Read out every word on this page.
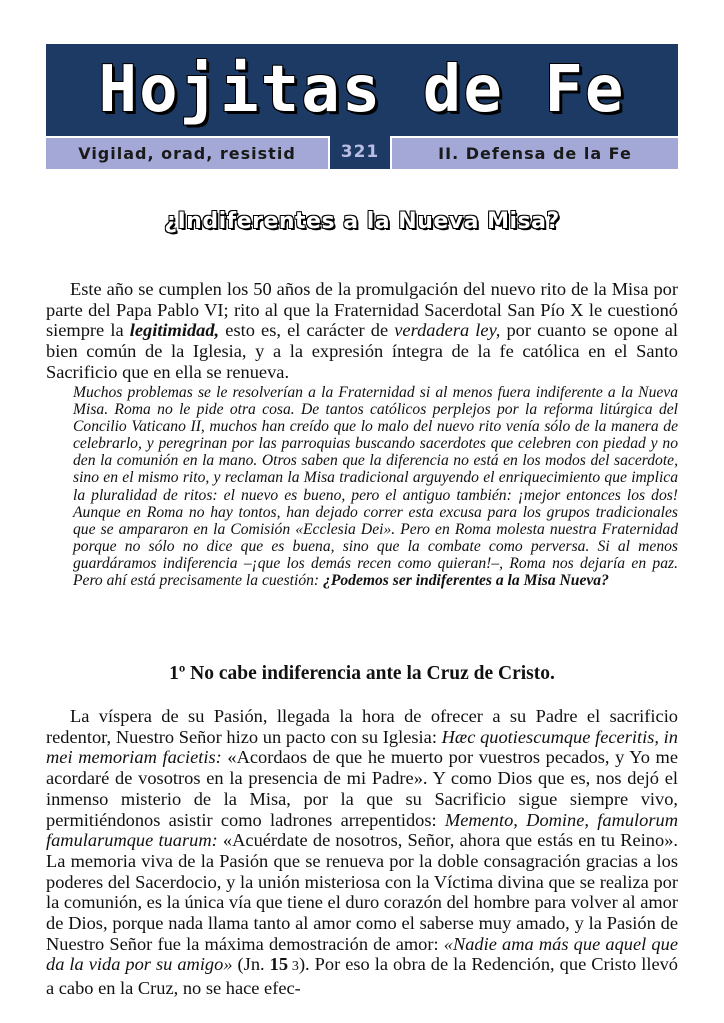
Hojitas de Fe
Vigilad, orad, resistid	321	II. Defensa de la Fe
¿Indiferentes a la Nueva Misa?

Este año se cumplen los 50 años de la promulgación del nuevo rito de la Misa por parte del Papa Pablo VI; rito al que la Fraternidad Sacerdotal San Pío X le cuestionó siempre la legitimidad, esto es, el carácter de verdadera ley, por cuanto se opone al bien común de la Iglesia, y a la expresión íntegra de la fe católica en el Santo Sacrificio que en ella se renueva.

Muchos problemas se le resolverían a la Fraternidad si al menos fuera indiferente a la Nueva Misa. Roma no le pide otra cosa. De tantos católicos perplejos por la reforma litúrgica del Concilio Vaticano II, muchos han creído que lo malo del nuevo rito venía sólo de la manera de celebrarlo, y peregrinan por las parroquias buscando sacerdotes que celebren con piedad y no den la comunión en la mano. Otros saben que la diferencia no está en los modos del sacerdote, sino en el mismo rito, y reclaman la Misa tradicional arguyendo el enriquecimiento que implica la pluralidad de ritos: el nuevo es bueno, pero el antiguo también: ¡mejor entonces los dos! Aunque en Roma no hay tontos, han dejado correr esta excusa para los grupos tradicionales que se ampararon en la Comisión «Ecclesia Dei». Pero en Roma molesta nuestra Fraternidad porque no sólo no dice que es buena, sino que la combate como perversa. Si al menos guardáramos indiferencia –¡que los demás recen como quieran!–, Roma nos dejaría en paz. Pero ahí está precisamente la cuestión: ¿Podemos ser indiferentes a la Misa Nueva?

1º No cabe indiferencia ante la Cruz de Cristo.

La víspera de su Pasión, llegada la hora de ofrecer a su Padre el sacrificio redentor, Nuestro Señor hizo un pacto con su Iglesia: Hæc quotiescumque feceritis, in mei memoriam facietis: «Acordaos de que he muerto por vuestros pecados, y Yo me acordaré de vosotros en la presencia de mi Padre». Y como Dios que es, nos dejó el inmenso misterio de la Misa, por la que su Sacrificio sigue siempre vivo, permitiéndonos asistir como ladrones arrepentidos: Memento, Domine, famulorum famularumque tuarum: «Acuérdate de nosotros, Señor, ahora que estás en tu Reino». La memoria viva de la Pasión que se renueva por la doble consagración gracias a los poderes del Sacerdocio, y la unión misteriosa con la Víctima divina que se realiza por la comunión, es la única vía que tiene el duro corazón del hombre para volver al amor de Dios, porque nada llama tanto al amor como el saberse muy amado, y la Pasión de Nuestro Señor fue la máxima demostración de amor: «Nadie ama más que aquel que da la vida por su amigo» (Jn. 15 3). Por eso la obra de la Redención, que Cristo llevó a cabo en la Cruz, no se hace efec-
